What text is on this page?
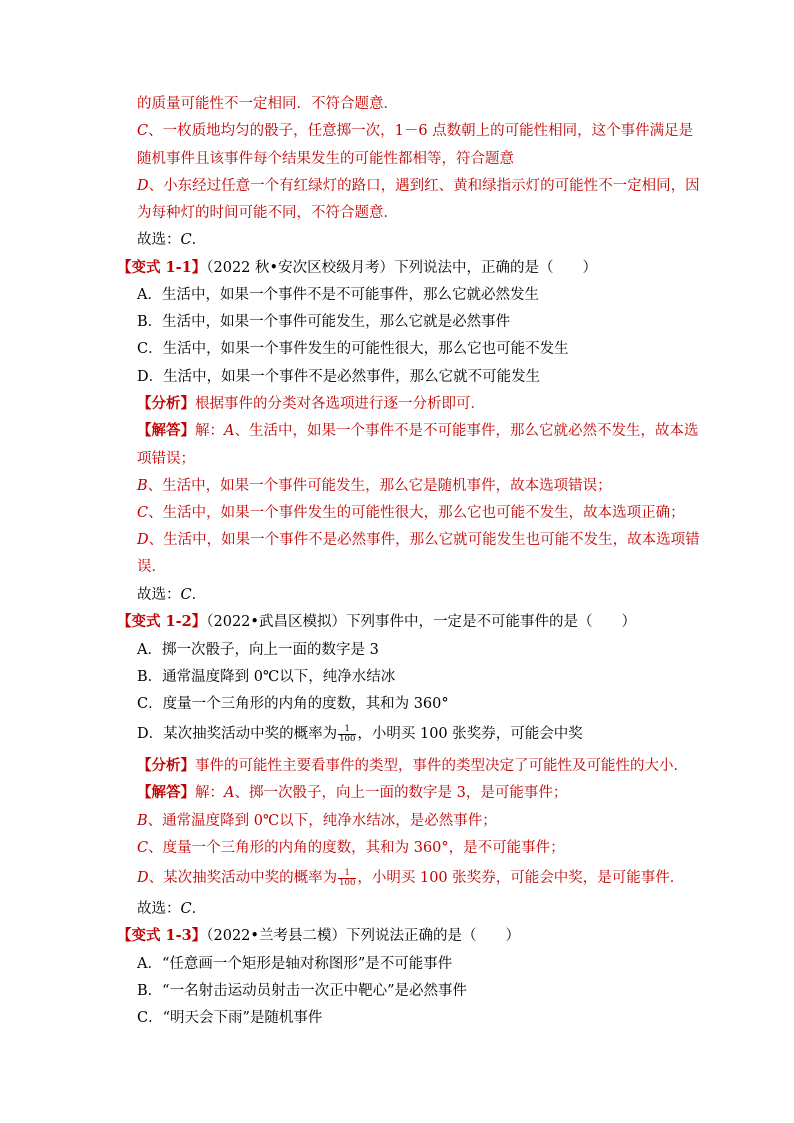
的质量可能性不一定相同．不符合题意．
C、一枚质地均匀的骰子，任意掷一次，1－6 点数朝上的可能性相同，这个事件满足是
随机事件且该事件每个结果发生的可能性都相等，符合题意
D、小东经过任意一个有红绿灯的路口，遇到红、黄和绿指示灯的可能性不一定相同，因
为每种灯的时间可能不同，不符合题意．
故选：C．
【变式 1-1】（2022 秋•安次区校级月考）下列说法中，正确的是（　　）
A．生活中，如果一个事件不是不可能事件，那么它就必然发生
B．生活中，如果一个事件可能发生，那么它就是必然事件
C．生活中，如果一个事件发生的可能性很大，那么它也可能不发生
D．生活中，如果一个事件不是必然事件，那么它就不可能发生
【分析】根据事件的分类对各选项进行逐一分析即可．
【解答】解：A、生活中，如果一个事件不是不可能事件，那么它就必然不发生，故本选
项错误；
B、生活中，如果一个事件可能发生，那么它是随机事件，故本选项错误；
C、生活中，如果一个事件发生的可能性很大，那么它也可能不发生，故本选项正确；
D、生活中，如果一个事件不是必然事件，那么它就可能发生也可能不发生，故本选项错
误．
故选：C．
【变式 1-2】（2022•武昌区模拟）下列事件中，一定是不可能事件的是（　　）
A．掷一次骰子，向上一面的数字是 3
B．通常温度降到 0℃以下，纯净水结冰
C．度量一个三角形的内角的度数，其和为 360°
D．某次抽奖活动中奖的概率为 $\frac{1}{100}$ ，小明买 100 张奖券，可能会中奖
【分析】事件的可能性主要看事件的类型，事件的类型决定了可能性及可能性的大小．
【解答】解：A、掷一次骰子，向上一面的数字是 3，是可能事件；
B、通常温度降到 0℃以下，纯净水结冰，是必然事件；
C、度量一个三角形的内角的度数，其和为 360°，是不可能事件；
D、某次抽奖活动中奖的概率为 $\frac{1}{100}$ ，小明买 100 张奖券，可能会中奖，是可能事件．
故选：C．
【变式 1-3】（2022•兰考县二模）下列说法正确的是（　　）
A．“任意画一个矩形是轴对称图形”是不可能事件
B．“一名射击运动员射击一次正中靶心”是必然事件
C．“明天会下雨”是随机事件
